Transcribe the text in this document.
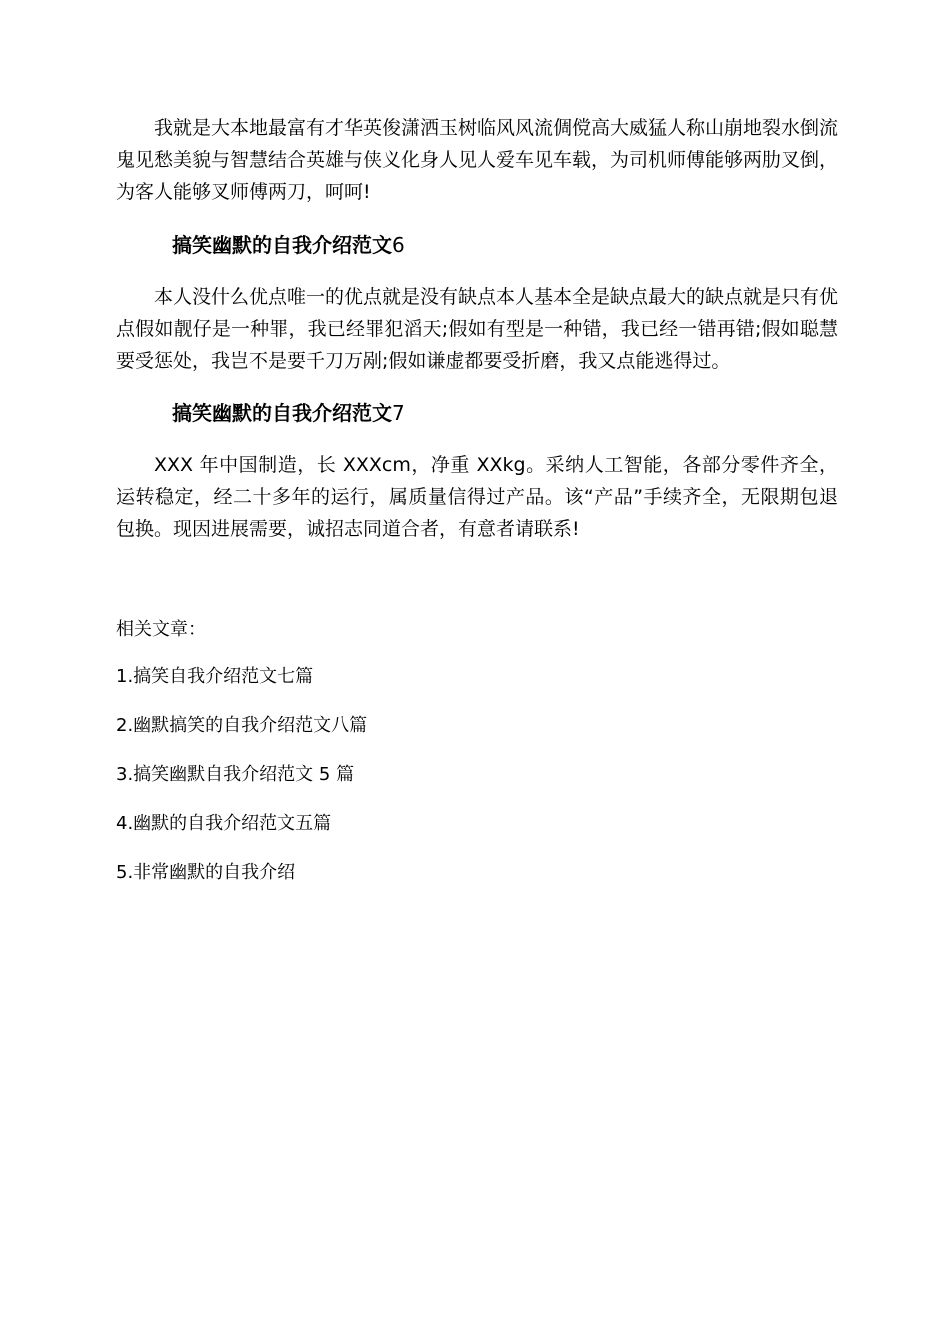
我就是大本地最富有才华英俊潇洒玉树临风风流倜傥高大威猛人称山崩地裂水倒流鬼见愁美貌与智慧结合英雄与侠义化身人见人爱车见车载，为司机师傅能够两肋叉倒，为客人能够叉师傅两刀，呵呵!

搞笑幽默的自我介绍范文6

本人没什么优点唯一的优点就是没有缺点本人基本全是缺点最大的缺点就是只有优点假如靓仔是一种罪，我已经罪犯滔天;假如有型是一种错，我已经一错再错;假如聪慧要受惩处，我岂不是要千刀万剐;假如谦虚都要受折磨，我又点能逃得过。

搞笑幽默的自我介绍范文7

XXX 年中国制造，长 XXXcm，净重 XXkg。采纳人工智能，各部分零件齐全，运转稳定，经二十多年的运行，属质量信得过产品。该“产品”手续齐全，无限期包退包换。现因进展需要，诚招志同道合者，有意者请联系!

相关文章：

1.搞笑自我介绍范文七篇
2.幽默搞笑的自我介绍范文八篇
3.搞笑幽默自我介绍范文 5 篇
4.幽默的自我介绍范文五篇
5.非常幽默的自我介绍
